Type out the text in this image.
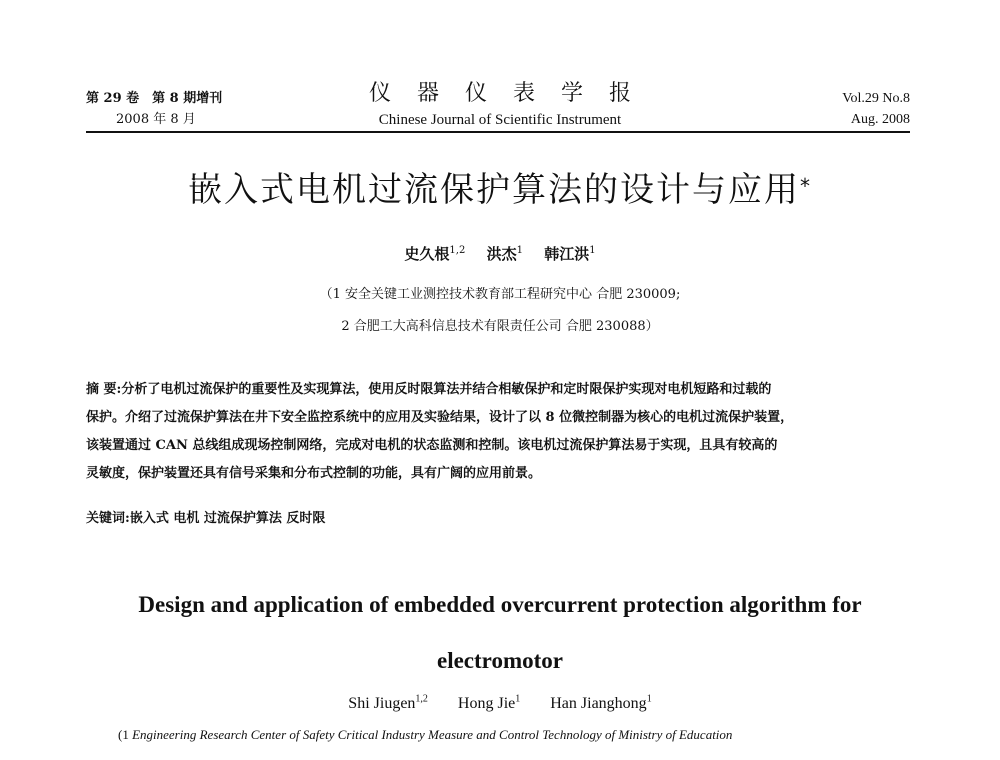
第 29 卷　第 8 期增刊
2008 年 8 月
仪器仪表学报
Chinese Journal of Scientific Instrument
Vol.29 No.8
Aug. 2008
嵌入式电机过流保护算法的设计与应用*
史久根$^{1,2}$ 洪杰$^1$ 韩江洪$^1$
（1 安全关键工业测控技术教育部工程研究中心 合肥 230009;
2 合肥工大高科信息技术有限责任公司 合肥 230088）
摘 要:分析了电机过流保护的重要性及实现算法，使用反时限算法并结合相敏保护和定时限保护实现对电机短路和过载的
保护。介绍了过流保护算法在井下安全监控系统中的应用及实验结果，设计了以 8 位微控制器为核心的电机过流保护装置，
该装置通过 CAN 总线组成现场控制网络，完成对电机的状态监测和控制。该电机过流保护算法易于实现，且具有较高的
灵敏度，保护装置还具有信号采集和分布式控制的功能，具有广阔的应用前景。
关键词:嵌入式 电机 过流保护算法 反时限
Design and application of embedded overcurrent protection algorithm for
electromotor
Shi Jiugen$^{1,2}$ Hong Jie$^1$ Han Jianghong$^1$
(1 Engineering Research Center of Safety Critical Industry Measure and Control Technology of Ministry of Education
